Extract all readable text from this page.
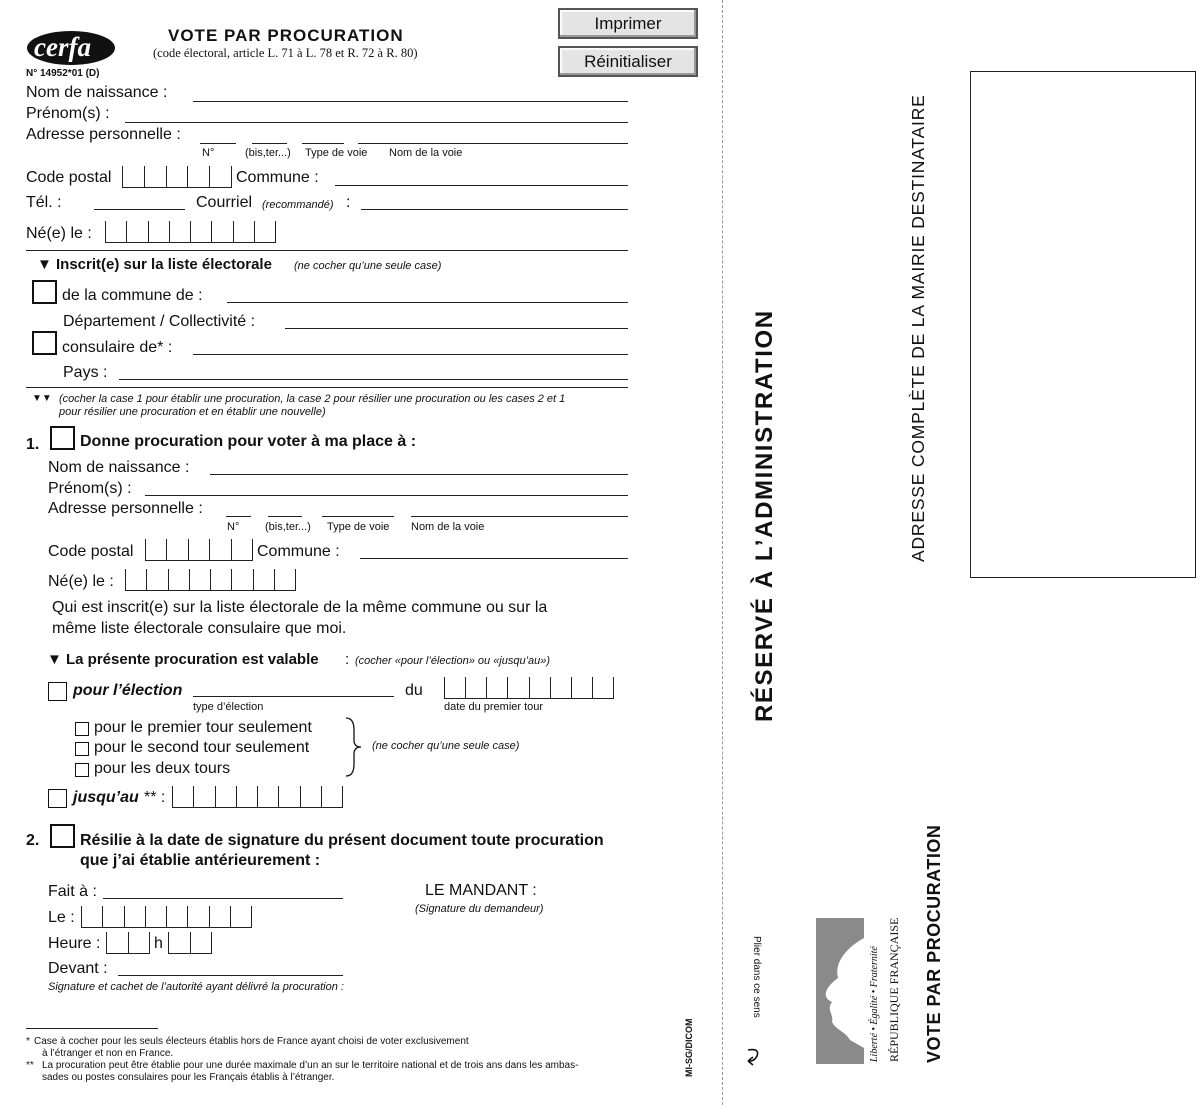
cerfa
N° 14952*01 (D)
VOTE PAR PROCURATION
(code électoral, article L. 71 à L. 78 et R. 72 à R. 80)
Imprimer
Réinitialiser
Nom de naissance :
Prénom(s) :
Adresse personnelle :
N°	(bis,ter...) Type de voie Nom de la voie
Code postal	Commune :
Tél. :	Courriel (recommandé) :
Né(e) le :
▼ Inscrit(e) sur la liste électorale (ne cocher qu’une seule case)
de la commune de :
Département / Collectivité :
consulaire de* :
Pays :
▼▼ (cocher la case 1 pour établir une procuration, la case 2 pour résilier une procuration ou les cases 2 et 1
pour résilier une procuration et en établir une nouvelle)
1.	Donne procuration pour voter à ma place à :
Nom de naissance :
Prénom(s) :
Adresse personnelle :
N° (bis,ter...) Type de voie Nom de la voie
Code postal	Commune :
Né(e) le :
Qui est inscrit(e) sur la liste électorale de la même commune ou sur la
même liste électorale consulaire que moi.
▼ La présente procuration est valable : (cocher «pour l’élection» ou «jusqu’au»)
pour l’élection
type d’élection
du
date du premier tour
pour le premier tour seulement
pour le second tour seulement
pour les deux tours
(ne cocher qu’une seule case)
jusqu’au ** :
2.	Résilie à la date de signature du présent document toute procuration
que j’ai établie antérieurement :
Fait à :	LE MANDANT :
(Signature du demandeur)
Le :
Heure :	h
Devant :
Signature et cachet de l’autorité ayant délivré la procuration :
* Case à cocher pour les seuls électeurs établis hors de France ayant choisi de voter exclusivement
à l’étranger et non en France.
** La procuration peut être établie pour une durée maximale d’un an sur le territoire national et de trois ans dans les ambas-
sades ou postes consulaires pour les Français établis à l’étranger.
MI-SG/DICOM
RÉSERVÉ À L’ADMINISTRATION
Plier dans ce sens	Liberté • Égalité • Fraternité RÉPUBLIQUE FRANÇAISE VOTE PAR PROCURATION
ADRESSE COMPLÈTE DE LA MAIRIE DESTINATAIRE
